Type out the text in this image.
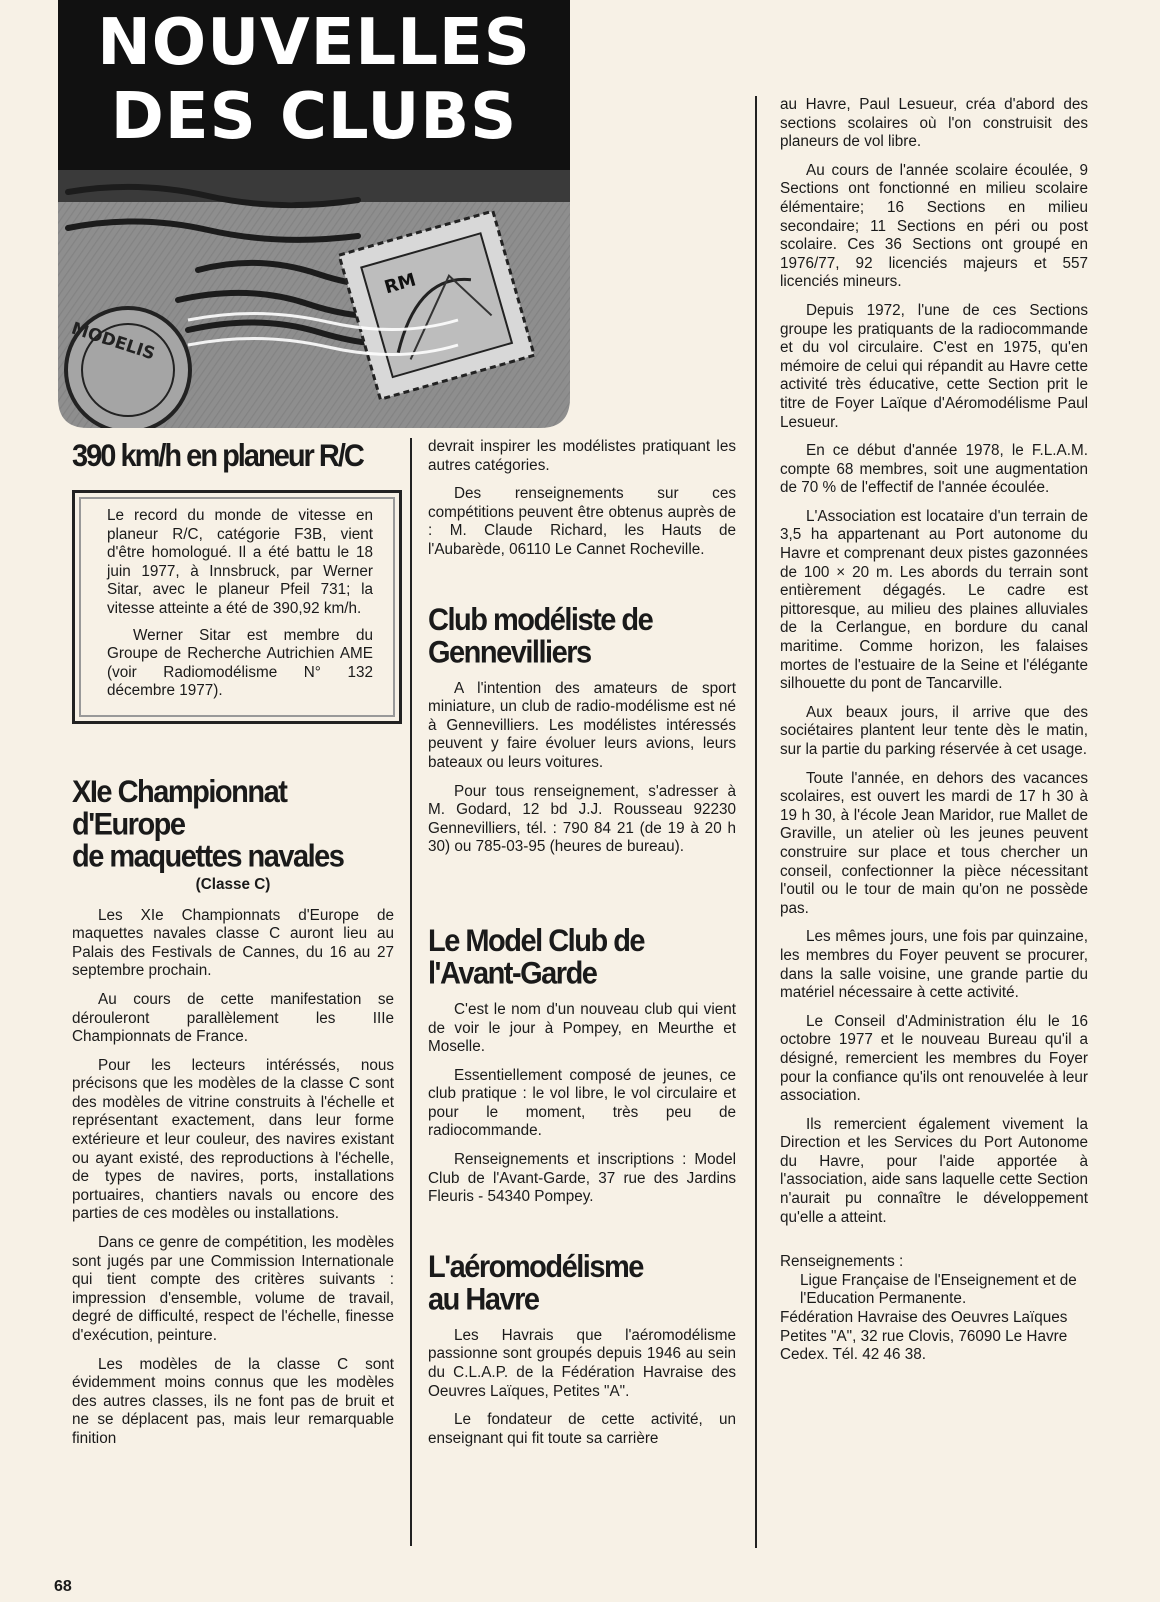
NOUVELLES
DES CLUBS
RM
MODELIS
390 km/h en planeur R/C

Le record du monde de vitesse en planeur R/C, catégorie F3B, vient d'être homologué. Il a été battu le 18 juin 1977, à Innsbruck, par Werner Sitar, avec le planeur Pfeil 731; la vitesse atteinte a été de 390,92 km/h.

Werner Sitar est membre du Groupe de Recherche Autrichien AME (voir Radiomodélisme N° 132 décembre 1977).

XIe Championnat d'Europe
de maquettes navales
(Classe C)

Les XIe Championnats d'Europe de maquettes navales classe C auront lieu au Palais des Festivals de Cannes, du 16 au 27 septembre prochain.

Au cours de cette manifestation se dérouleront parallèlement les IIIe Championnats de France.

Pour les lecteurs intéréssés, nous précisons que les modèles de la classe C sont des modèles de vitrine construits à l'échelle et représentant exactement, dans leur forme extérieure et leur couleur, des navires existant ou ayant existé, des reproductions à l'échelle, de types de navires, ports, installations portuaires, chantiers navals ou encore des parties de ces modèles ou installations.

Dans ce genre de compétition, les modèles sont jugés par une Commission Internationale qui tient compte des critères suivants : impression d'ensemble, volume de travail, degré de difficulté, respect de l'échelle, finesse d'exécution, peinture.

Les modèles de la classe C sont évidemment moins connus que les modèles des autres classes, ils ne font pas de bruit et ne se déplacent pas, mais leur remarquable finition

devrait inspirer les modélistes pratiquant les autres catégories.

Des renseignements sur ces compétitions peuvent être obtenus auprès de : M. Claude Richard, les Hauts de l'Aubarède, 06110 Le Cannet Rocheville.

Club modéliste de
Gennevilliers

A l'intention des amateurs de sport miniature, un club de radio-modélisme est né à Gennevilliers. Les modélistes intéressés peuvent y faire évoluer leurs avions, leurs bateaux ou leurs voitures.

Pour tous renseignement, s'adresser à M. Godard, 12 bd J.J. Rousseau 92230 Gennevilliers, tél. : 790 84 21 (de 19 à 20 h 30) ou 785-03-95 (heures de bureau).

Le Model Club de
l'Avant-Garde

C'est le nom d'un nouveau club qui vient de voir le jour à Pompey, en Meurthe et Moselle.

Essentiellement composé de jeunes, ce club pratique : le vol libre, le vol circulaire et pour le moment, très peu de radiocommande.

Renseignements et inscriptions : Model Club de l'Avant-Garde, 37 rue des Jardins Fleuris - 54340 Pompey.

L'aéromodélisme
au Havre

Les Havrais que l'aéromodélisme passionne sont groupés depuis 1946 au sein du C.L.A.P. de la Fédération Havraise des Oeuvres Laïques, Petites "A".

Le fondateur de cette activité, un enseignant qui fit toute sa carrière

au Havre, Paul Lesueur, créa d'abord des sections scolaires où l'on construisit des planeurs de vol libre.

Au cours de l'année scolaire écoulée, 9 Sections ont fonctionné en milieu scolaire élémentaire; 16 Sections en milieu secondaire; 11 Sections en péri ou post scolaire. Ces 36 Sections ont groupé en 1976/77, 92 licenciés majeurs et 557 licenciés mineurs.

Depuis 1972, l'une de ces Sections groupe les pratiquants de la radiocommande et du vol circulaire. C'est en 1975, qu'en mémoire de celui qui répandit au Havre cette activité très éducative, cette Section prit le titre de Foyer Laïque d'Aéromodélisme Paul Lesueur.

En ce début d'année 1978, le F.L.A.M. compte 68 membres, soit une augmentation de 70 % de l'effectif de l'année écoulée.

L'Association est locataire d'un terrain de 3,5 ha appartenant au Port autonome du Havre et comprenant deux pistes gazonnées de 100 × 20 m. Les abords du terrain sont entièrement dégagés. Le cadre est pittoresque, au milieu des plaines alluviales de la Cerlangue, en bordure du canal maritime. Comme horizon, les falaises mortes de l'estuaire de la Seine et l'élégante silhouette du pont de Tancarville.

Aux beaux jours, il arrive que des sociétaires plantent leur tente dès le matin, sur la partie du parking réservée à cet usage.

Toute l'année, en dehors des vacances scolaires, est ouvert les mardi de 17 h 30 à 19 h 30, à l'école Jean Maridor, rue Mallet de Graville, un atelier où les jeunes peuvent construire sur place et tous chercher un conseil, confectionner la pièce nécessitant l'outil ou le tour de main qu'on ne possède pas.

Les mêmes jours, une fois par quinzaine, les membres du Foyer peuvent se procurer, dans la salle voisine, une grande partie du matériel nécessaire à cette activité.

Le Conseil d'Administration élu le 16 octobre 1977 et le nouveau Bureau qu'il a désigné, remercient les membres du Foyer pour la confiance qu'ils ont renouvelée à leur association.

Ils remercient également vivement la Direction et les Services du Port Autonome du Havre, pour l'aide apportée à l'association, aide sans laquelle cette Section n'aurait pu connaître le développement qu'elle a atteint.

Renseignements :

Ligue Française de l'Enseignement et de l'Education Permanente.

Fédération Havraise des Oeuvres Laïques Petites "A", 32 rue Clovis, 76090 Le Havre Cedex. Tél. 42 46 38.

68
